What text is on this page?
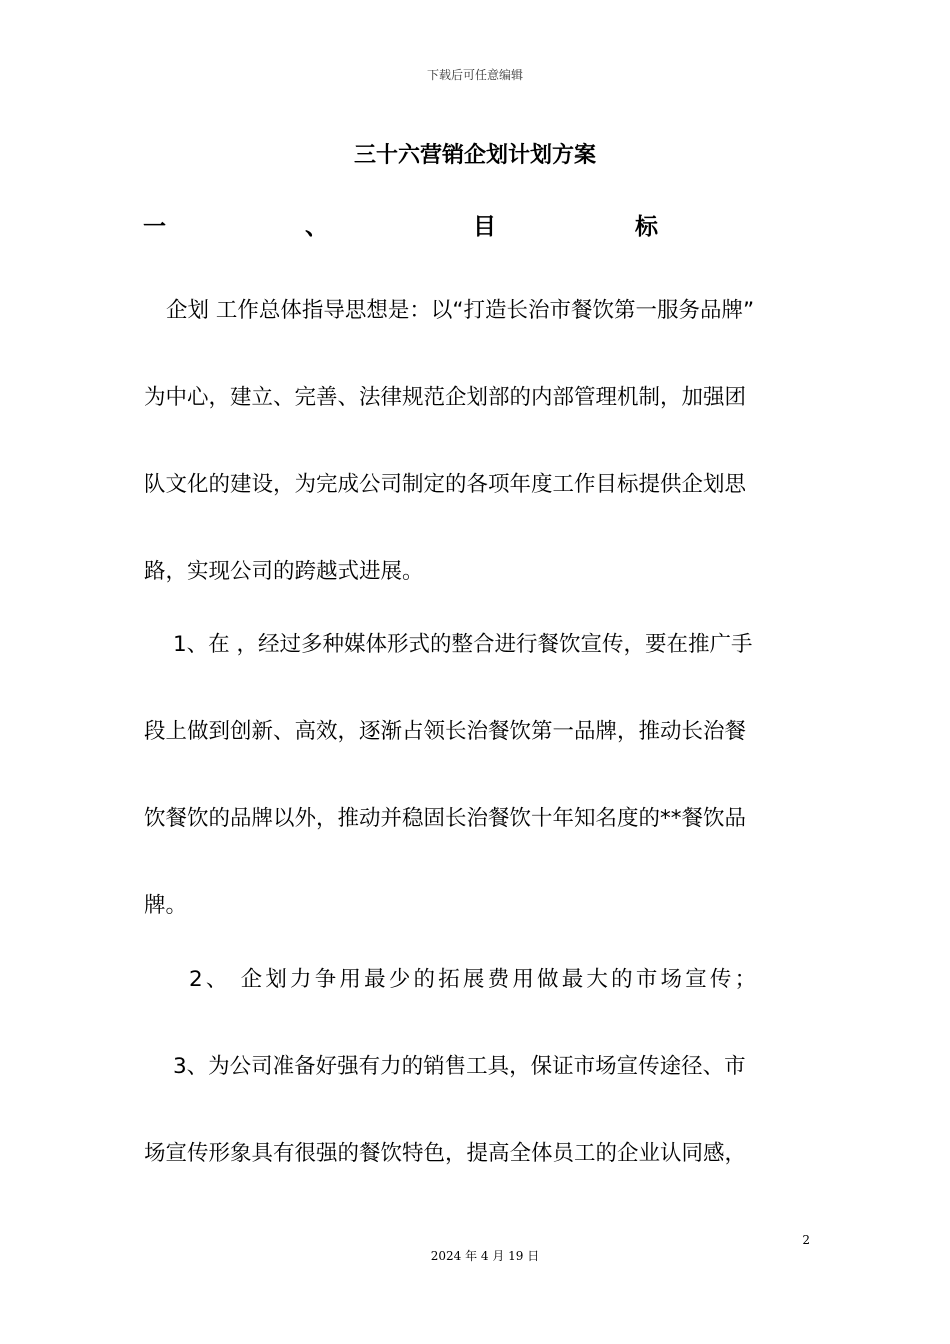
下载后可任意编辑
三十六营销企划计划方案
一	、	目	标
企划 工作总体指导思想是：以“打造长治市餐饮第一服务品牌”
为中心，建立、完善、法律规范企划部的内部管理机制，加强团
队文化的建设，为完成公司制定的各项年度工作目标提供企划思
路，实现公司的跨越式进展。
1、在 ，经过多种媒体形式的整合进行餐饮宣传，要在推广手
段上做到创新、高效，逐渐占领长治餐饮第一品牌，推动长治餐
饮餐饮的品牌以外，推动并稳固长治餐饮十年知名度的**餐饮品
牌。
2、 企划力争用最少的拓展费用做最大的市场宣传；
3、为公司准备好强有力的销售工具，保证市场宣传途径、市
场宣传形象具有很强的餐饮特色，提高全体员工的企业认同感，
2
2024 年 4 月 19 日
